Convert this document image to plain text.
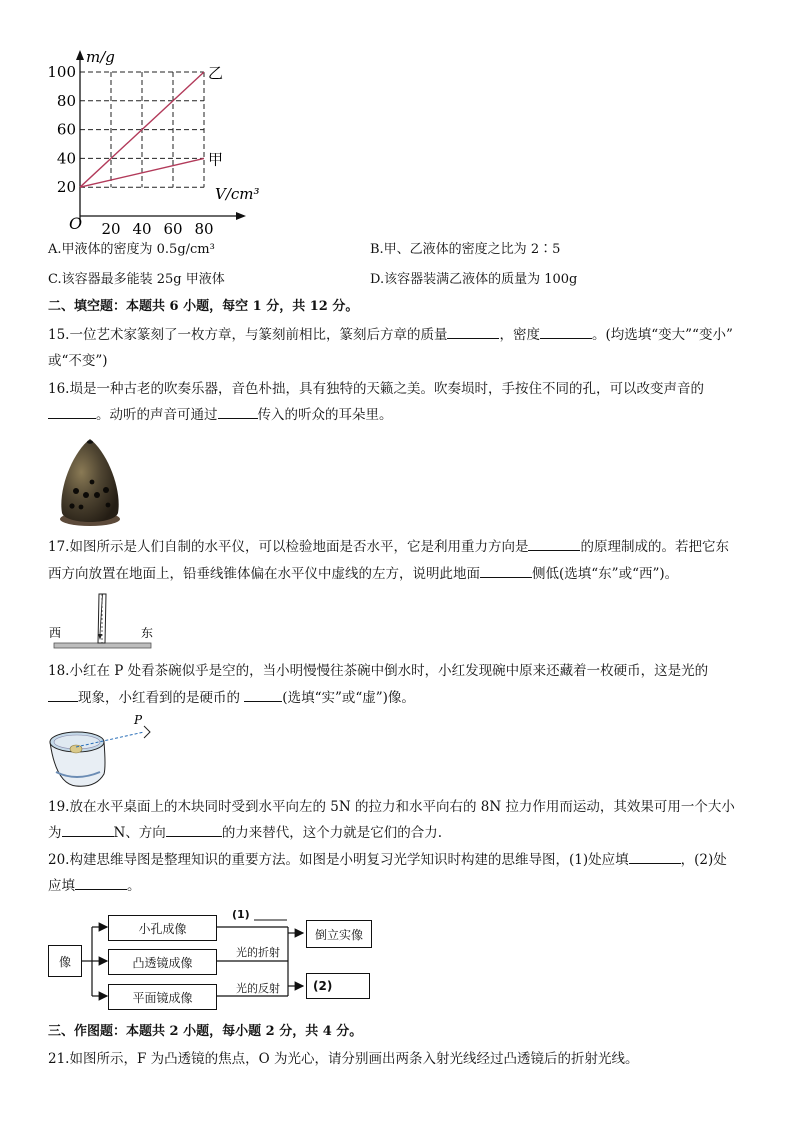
乙
甲
20 40 60 80
20
40
60
80
100
m/g
V/cm³
O
A.甲液体的密度为 0.5g/cm³	B.甲、乙液体的密度之比为 2∶5
C.该容器最多能装 25g 甲液体	D.该容器装满乙液体的质量为 100g
二、填空题：本题共 6 小题，每空 1 分，共 12 分。
15.一位艺术家篆刻了一枚方章，与篆刻前相比，篆刻后方章的质量	，密度	。(均选填“变大”“变小”
或“不变”)
16.埙是一种古老的吹奏乐器，音色朴拙，具有独特的天籁之美。吹奏埙时，手按住不同的孔，可以改变声音的
。动听的声音可通过	传入的听众的耳朵里。
17.如图所示是人们自制的水平仪，可以检验地面是否水平，它是利用重力方向是	的原理制成的。若把它东
西方向放置在地面上，铅垂线锥体偏在水平仪中虚线的左方，说明此地面	侧低(选填“东”或“西”)。
西	东
18.小红在 P 处看茶碗似乎是空的，当小明慢慢往茶碗中倒水时，小红发现碗中原来还藏着一枚硬币，这是光的
现象，小红看到的是硬币的	(选填“实”或“虚”)像。
P
19.放在水平桌面上的木块同时受到水平向左的 5N 的拉力和水平向右的 8N 拉力作用而运动，其效果可用一个大小
为	N、方向	的力来替代，这个力就是它们的合力.
20.构建思维导图是整理知识的重要方法。如图是小明复习光学知识时构建的思维导图，(1)处应填	，(2)处
应填	。
像
小孔成像
凸透镜成像
平面镜成像
倒立实像
(2)
(1)
光的折射
光的反射
三、作图题：本题共 2 小题，每小题 2 分，共 4 分。
21.如图所示，F 为凸透镜的焦点，O 为光心，请分别画出两条入射光线经过凸透镜后的折射光线。
